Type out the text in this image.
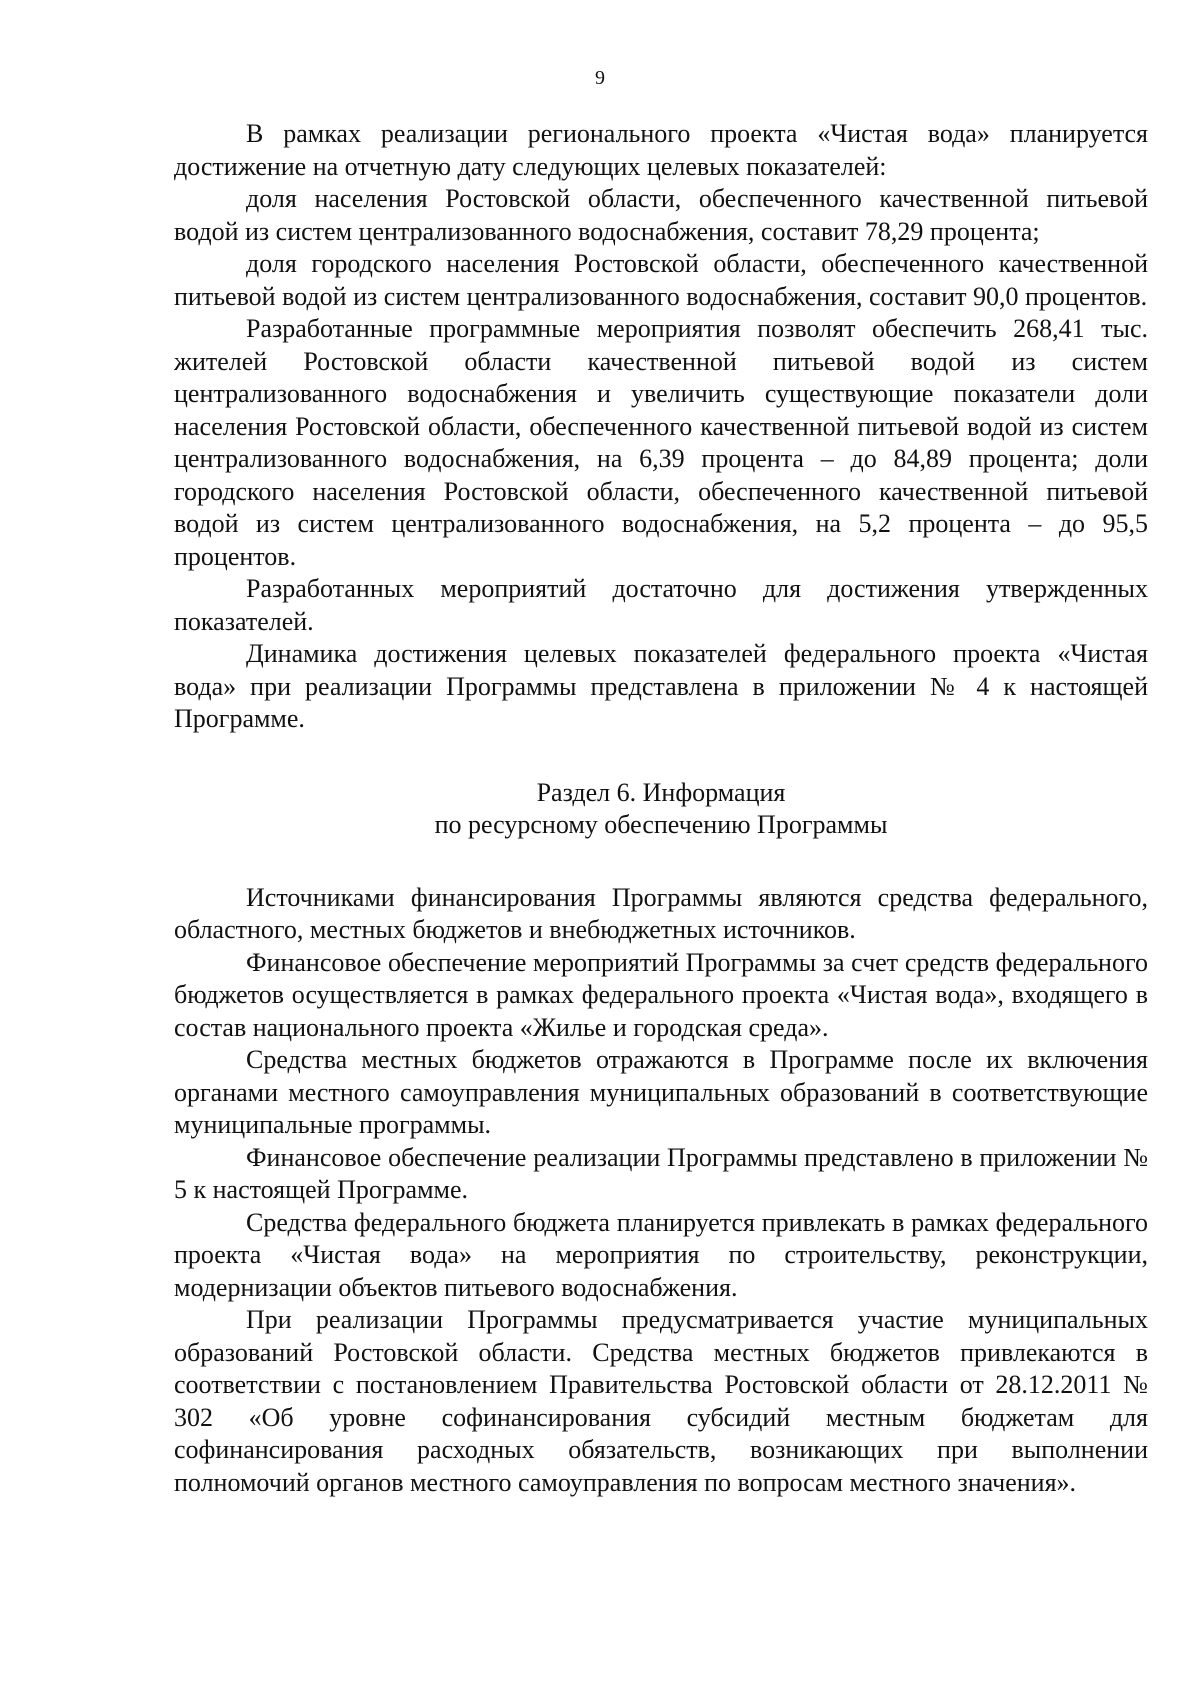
9

В рамках реализации регионального проекта «Чистая вода» планируется достижение на отчетную дату следующих целевых показателей:

доля населения Ростовской области, обеспеченного качественной питьевой водой из систем централизованного водоснабжения, составит 78,29 процента;

доля городского населения Ростовской области, обеспеченного качественной питьевой водой из систем централизованного водоснабжения, составит 90,0 процентов.

Разработанные программные мероприятия позволят обеспечить 268,41 тыс. жителей Ростовской области качественной питьевой водой из систем централизованного водоснабжения и увеличить существующие показатели доли населения Ростовской области, обеспеченного качественной питьевой водой из систем централизованного водоснабжения, на 6,39 процента – до 84,89 процента; доли городского населения Ростовской области, обеспеченного качественной питьевой водой из систем централизованного водоснабжения, на 5,2 процента – до 95,5 процентов.

Разработанных мероприятий достаточно для достижения утвержденных показателей.

Динамика достижения целевых показателей федерального проекта «Чистая вода» при реализации Программы представлена в приложении № 4 к настоящей Программе.

Раздел 6. Информация
по ресурсному обеспечению Программы

Источниками финансирования Программы являются средства федерального, областного, местных бюджетов и внебюджетных источников.

Финансовое обеспечение мероприятий Программы за счет средств федерального бюджетов осуществляется в рамках федерального проекта «Чистая вода», входящего в состав национального проекта «Жилье и городская среда».

Средства местных бюджетов отражаются в Программе после их включения органами местного самоуправления муниципальных образований в соответствующие муниципальные программы.

Финансовое обеспечение реализации Программы представлено в приложении № 5 к настоящей Программе.

Средства федерального бюджета планируется привлекать в рамках федерального проекта «Чистая вода» на мероприятия по строительству, реконструкции, модернизации объектов питьевого водоснабжения.

При реализации Программы предусматривается участие муниципальных образований Ростовской области. Средства местных бюджетов привлекаются в соответствии с постановлением Правительства Ростовской области от 28.12.2011 № 302 «Об уровне софинансирования субсидий местным бюджетам для софинансирования расходных обязательств, возникающих при выполнении полномочий органов местного самоуправления по вопросам местного значения».
